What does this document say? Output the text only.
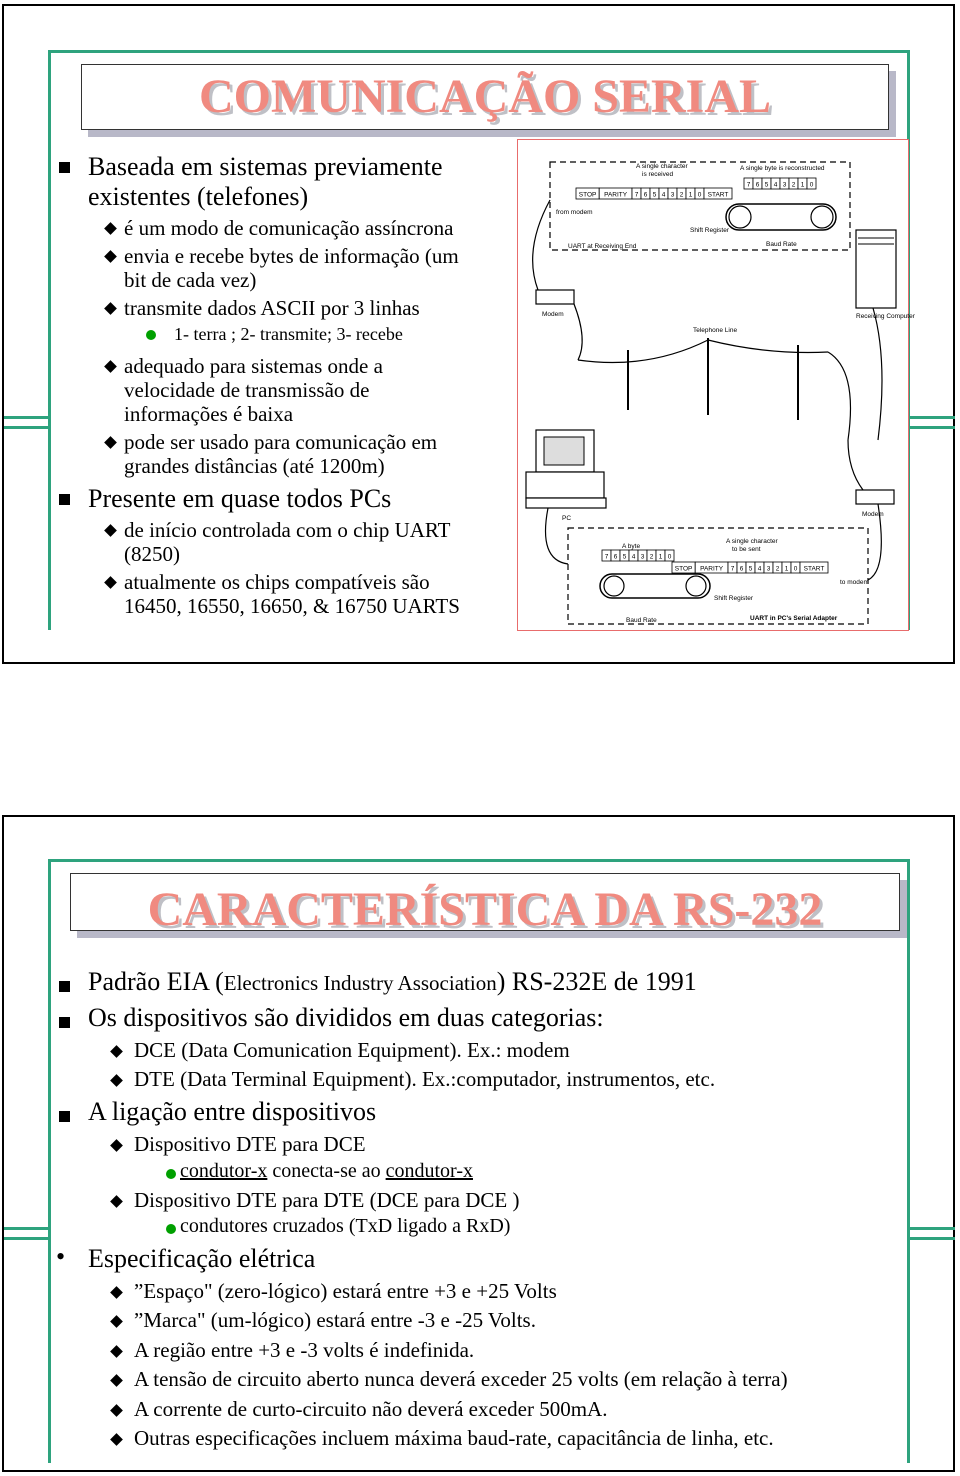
COMUNICAÇÃO SERIAL
Baseada em sistemas previamente
existentes (telefones)
é um modo de comunicação assíncrona
envia e recebe bytes de informação (um
bit de cada vez)
transmite dados ASCII por 3 linhas
1- terra ; 2- transmite; 3- recebe
adequado para sistemas onde a
velocidade de transmissão de
informações é baixa
pode ser usado para comunicação em
grandes distâncias (até 1200m)
Presente em quase todos PCs
de início controlada com o chip UART
(8250)
atualmente os chips compatíveis são
16450, 16550, 16650, & 16750 UARTS
A single character
is received
A single byte is reconstructed
STOP PARITY 7 6 5 4 3 2 1 0 START
7 6 5 4 3 2 1 0
from modem
Shift Register
Baud Rate
UART at Receiving End
Receiving Computer
Modem
Telephone Line
PC
Modem
A byte
A single character
to be sent
7 6 5 4 3 2 1 0
STOP PARITY 7 6 5 4 3 2 1 0 START
to modem
Shift Register
Baud Rate	UART in PC's Serial Adapter
CARACTERÍSTICA DA RS-232
Padrão EIA (Electronics Industry Association) RS-232E de 1991
Os dispositivos são divididos em duas categorias:
DCE (Data Comunication Equipment). Ex.: modem
DTE (Data Terminal Equipment). Ex.:computador, instrumentos, etc.
A ligação entre dispositivos
Dispositivo DTE para DCE
condutor-x conecta-se ao condutor-x
Dispositivo DTE para DTE (DCE para DCE )
condutores cruzados (TxD ligado a RxD)
• Especificação elétrica
”Espaço" (zero-lógico) estará entre +3 e +25 Volts
”Marca" (um-lógico) estará entre -3 e -25 Volts.
A região entre +3 e -3 volts é indefinida.
A tensão de circuito aberto nunca deverá exceder 25 volts (em relação à terra)
A corrente de curto-circuito não deverá exceder 500mA.
Outras especificações incluem máxima baud-rate, capacitância de linha, etc.
